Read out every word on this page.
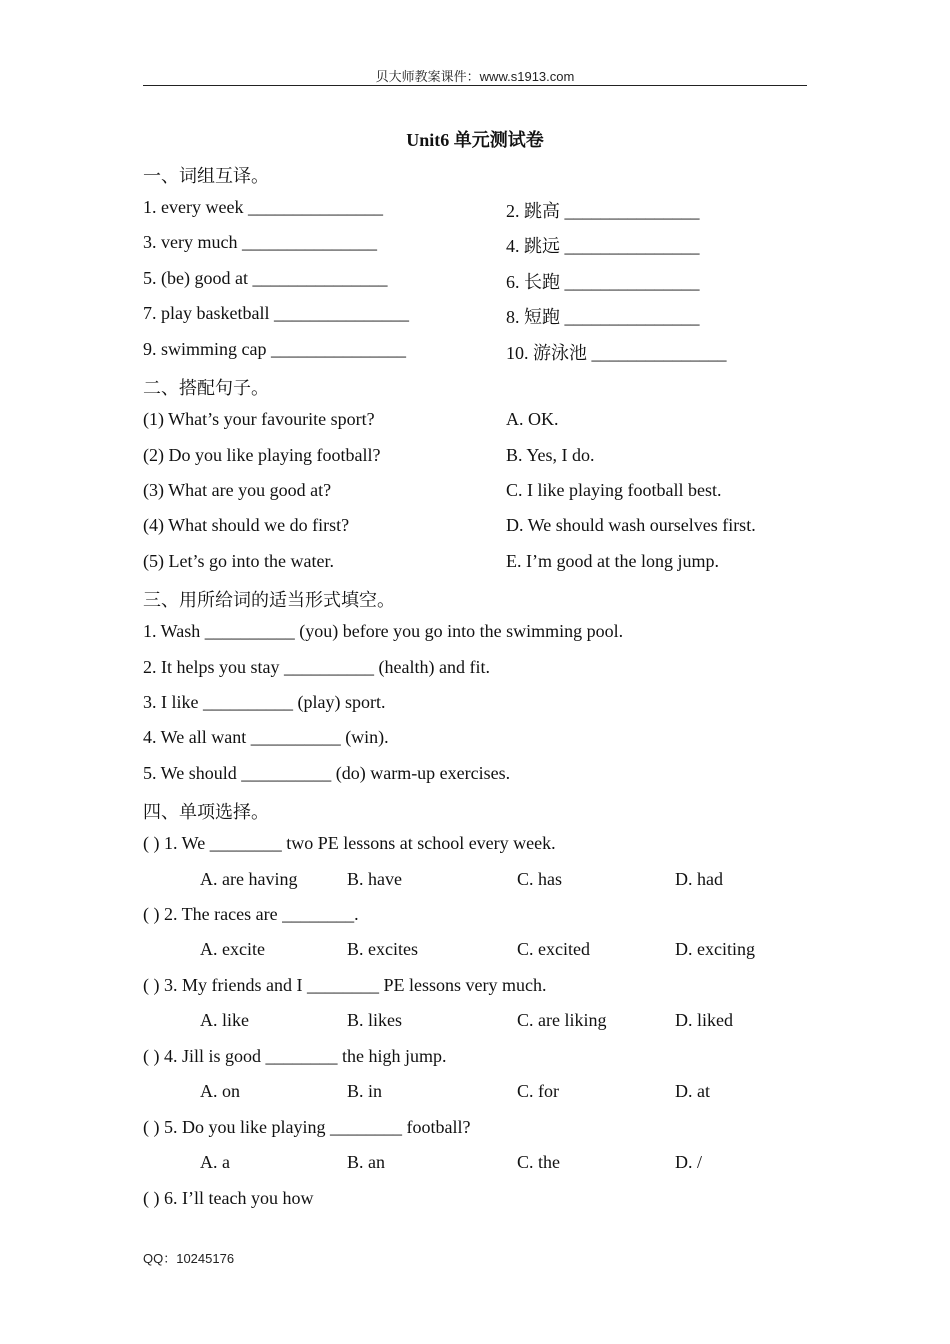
贝大师教案课件：www.s1913.com
Unit6 单元测试卷
一、词组互译。
1. every week _______________	2. 跳高 _______________
3. very much _______________	4. 跳远 _______________
5. (be) good at _______________	6. 长跑 _______________
7. play basketball _______________	8. 短跑 _______________
9. swimming cap _______________	10. 游泳池 _______________
二、搭配句子。
(1) What’s your favourite sport?	A. OK.
(2) Do you like playing football?	B. Yes, I do.
(3) What are you good at?	C. I like playing football best.
(4) What should we do first?	D. We should wash ourselves first.
(5) Let’s go into the water.	E. I’m good at the long jump.
三、用所给词的适当形式填空。
1. Wash __________ (you) before you go into the swimming pool.
2. It helps you stay __________ (health) and fit.
3. I like __________ (play) sport.
4. We all want __________ (win).
5. We should __________ (do) warm-up exercises.
四、单项选择。
( ) 1. We ________ two PE lessons at school every week.
A. are having	B. have	C. has	D. had
( ) 2. The races are ________.
A. excite	B. excites	C. excited	D. exciting
( ) 3. My friends and I ________ PE lessons very much.
A. like	B. likes	C. are liking	D. liked
( ) 4. Jill is good ________ the high jump.
A. on	B. in	C. for	D. at
( ) 5. Do you like playing ________ football?
A. a	B. an	C. the	D. /
( ) 6. I’ll teach you how
QQ：10245176
